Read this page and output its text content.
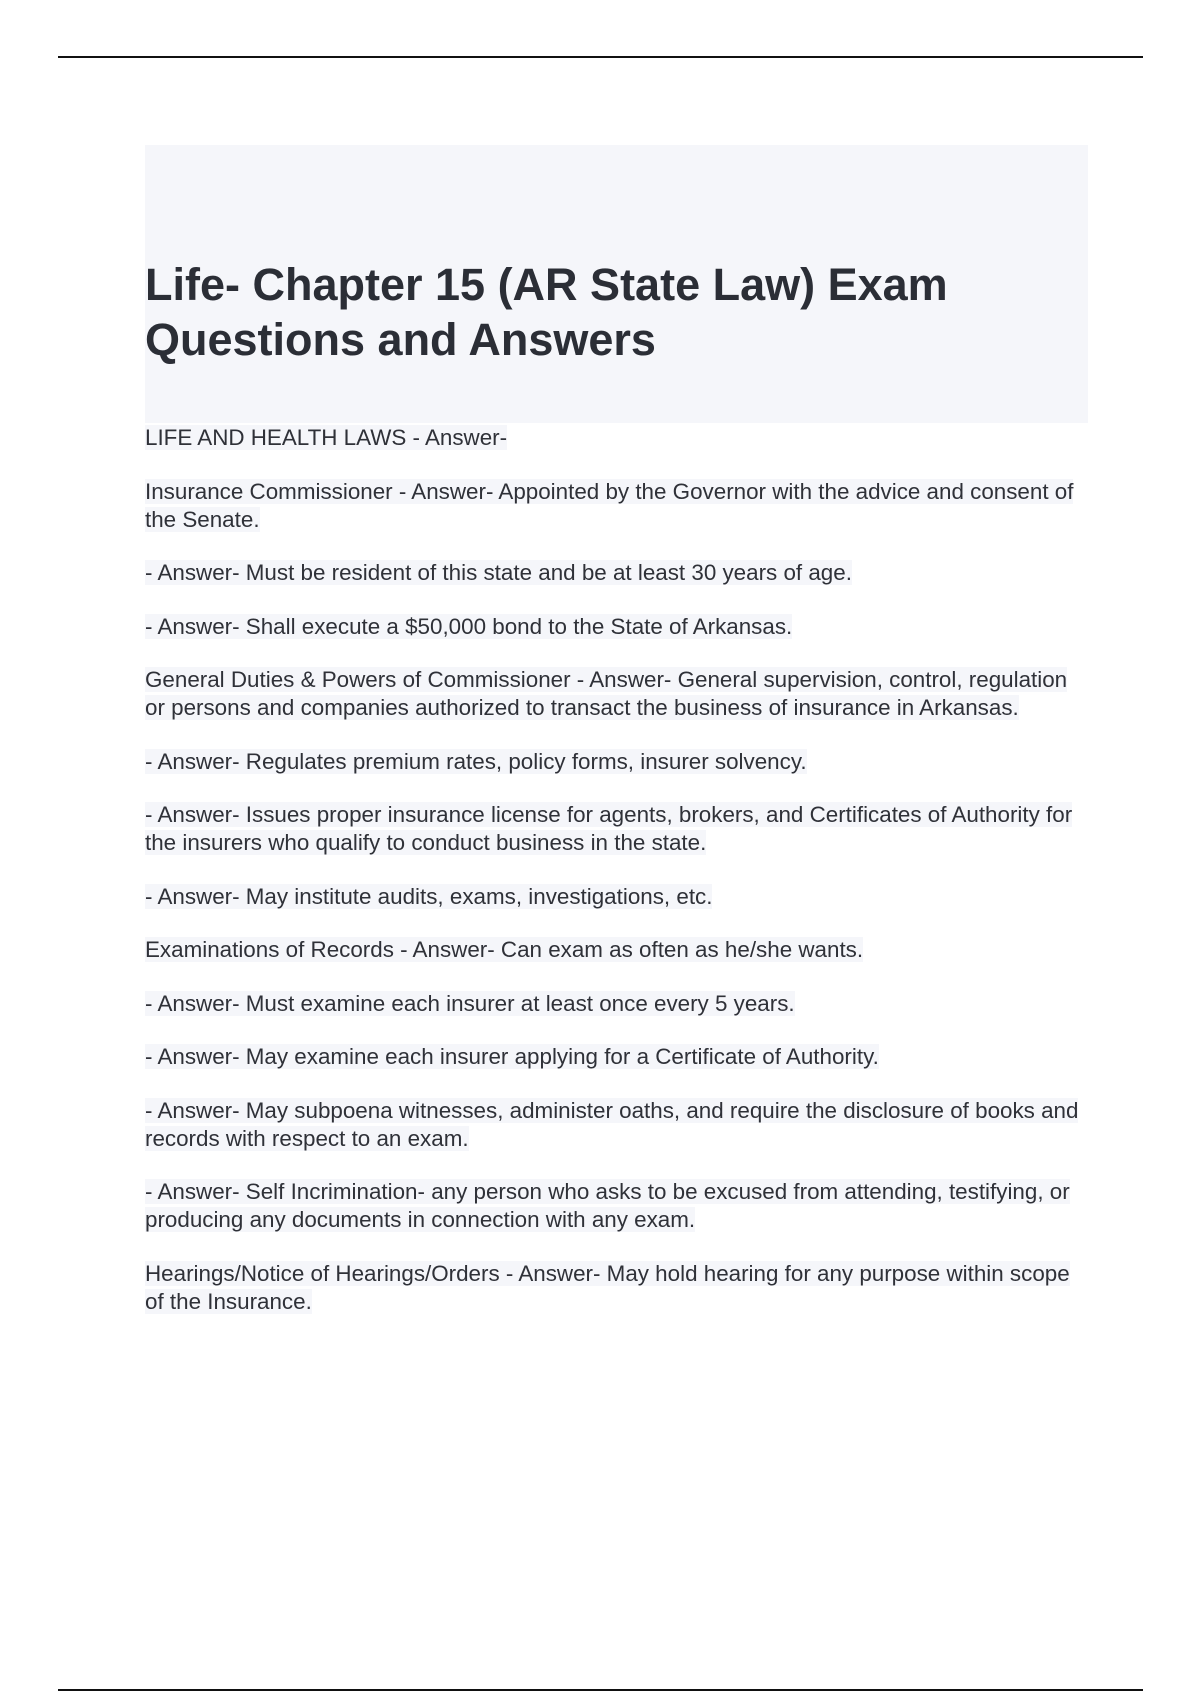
Life- Chapter 15 (AR State Law) Exam Questions and Answers

LIFE AND HEALTH LAWS - Answer-

Insurance Commissioner - Answer- Appointed by the Governor with the advice and consent of the Senate.

- Answer- Must be resident of this state and be at least 30 years of age.

- Answer- Shall execute a $50,000 bond to the State of Arkansas.

General Duties & Powers of Commissioner - Answer- General supervision, control, regulation or persons and companies authorized to transact the business of insurance in Arkansas.

- Answer- Regulates premium rates, policy forms, insurer solvency.

- Answer- Issues proper insurance license for agents, brokers, and Certificates of Authority for the insurers who qualify to conduct business in the state.

- Answer- May institute audits, exams, investigations, etc.

Examinations of Records - Answer- Can exam as often as he/she wants.

- Answer- Must examine each insurer at least once every 5 years.

- Answer- May examine each insurer applying for a Certificate of Authority.

- Answer- May subpoena witnesses, administer oaths, and require the disclosure of books and records with respect to an exam.

- Answer- Self Incrimination- any person who asks to be excused from attending, testifying, or producing any documents in connection with any exam.

Hearings/Notice of Hearings/Orders - Answer- May hold hearing for any purpose within scope of the Insurance.
